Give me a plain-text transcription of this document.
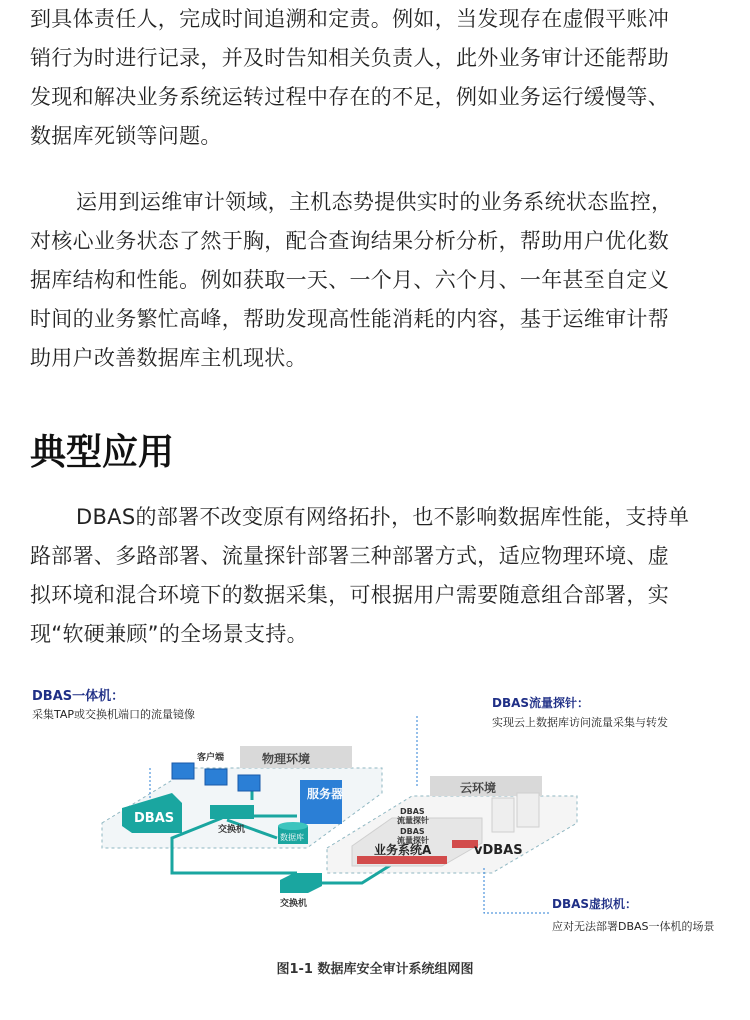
到具体责任人，完成时间追溯和定责。例如，当发现存在虚假平账冲
销行为时进行记录，并及时告知相关负责人，此外业务审计还能帮助
发现和解决业务系统运转过程中存在的不足，例如业务运行缓慢等、
数据库死锁等问题。
运用到运维审计领域，主机态势提供实时的业务系统状态监控，
对核心业务状态了然于胸，配合查询结果分析分析，帮助用户优化数
据库结构和性能。例如获取一天、一个月、六个月、一年甚至自定义
时间的业务繁忙高峰，帮助发现高性能消耗的内容，基于运维审计帮
助用户改善数据库主机现状。
典型应用
DBAS的部署不改变原有网络拓扑，也不影响数据库性能，支持单
路部署、多路部署、流量探针部署三种部署方式，适应物理环境、虚
拟环境和混合环境下的数据采集，可根据用户需要随意组合部署，实
现“软硬兼顾”的全场景支持。
物理环境
云环境
客户端
DBAS
交换机
服务器
数据库
DBAS
流量探针
DBAS
流量探针
业务系统A	vDBAS
交换机
DBAS一体机：
采集TAP或交换机端口的流量镜像
DBAS流量探针：
实现云上数据库访问流量采集与转发
DBAS虚拟机：
应对无法部署DBAS一体机的场景
图1-1 数据库安全审计系统组网图
